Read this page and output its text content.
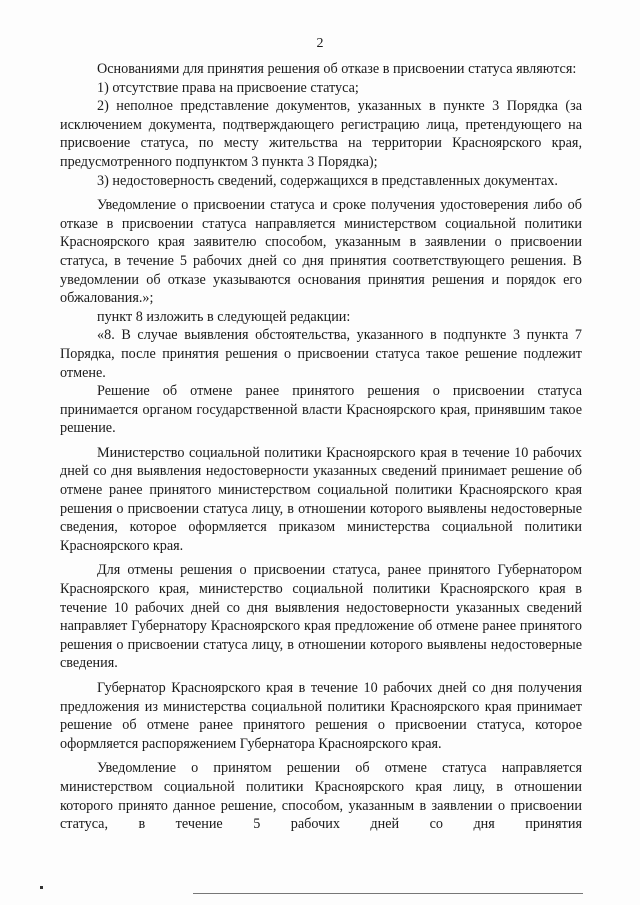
2

Основаниями для принятия решения об отказе в присвоении статуса являются:

1) отсутствие права на присвоение статуса;

2) неполное представление документов, указанных в пункте 3 Порядка (за исключением документа, подтверждающего регистрацию лица, претендующего на присвоение статуса, по месту жительства на территории Красноярского края, предусмотренного подпунктом 3 пункта 3 Порядка);

3) недостоверность сведений, содержащихся в представленных документах.

Уведомление о присвоении статуса и сроке получения удостоверения либо об отказе в присвоении статуса направляется министерством социальной политики Красноярского края заявителю способом, указанным в заявлении о присвоении статуса, в течение 5 рабочих дней со дня принятия соответствующего решения. В уведомлении об отказе указываются основания принятия решения и порядок его обжалования.»;

пункт 8 изложить в следующей редакции:

«8. В случае выявления обстоятельства, указанного в подпункте 3 пункта 7 Порядка, после принятия решения о присвоении статуса такое решение подлежит отмене.

Решение об отмене ранее принятого решения о присвоении статуса принимается органом государственной власти Красноярского края, принявшим такое решение.

Министерство социальной политики Красноярского края в течение 10 рабочих дней со дня выявления недостоверности указанных сведений принимает решение об отмене ранее принятого министерством социальной политики Красноярского края решения о присвоении статуса лицу, в отношении которого выявлены недостоверные сведения, которое оформляется приказом министерства социальной политики Красноярского края.

Для отмены решения о присвоении статуса, ранее принятого Губернатором Красноярского края, министерство социальной политики Красноярского края в течение 10 рабочих дней со дня выявления недостоверности указанных сведений направляет Губернатору Красноярского края предложение об отмене ранее принятого решения о присвоении статуса лицу, в отношении которого выявлены недостоверные сведения.

Губернатор Красноярского края в течение 10 рабочих дней со дня получения предложения из министерства социальной политики Красноярского края принимает решение об отмене ранее принятого решения о присвоении статуса, которое оформляется распоряжением Губернатора Красноярского края.

Уведомление о принятом решении об отмене статуса направляется министерством социальной политики Красноярского края лицу, в отношении которого принято данное решение, способом, указанным в заявлении о присвоении статуса, в течение 5 рабочих дней со дня принятия
